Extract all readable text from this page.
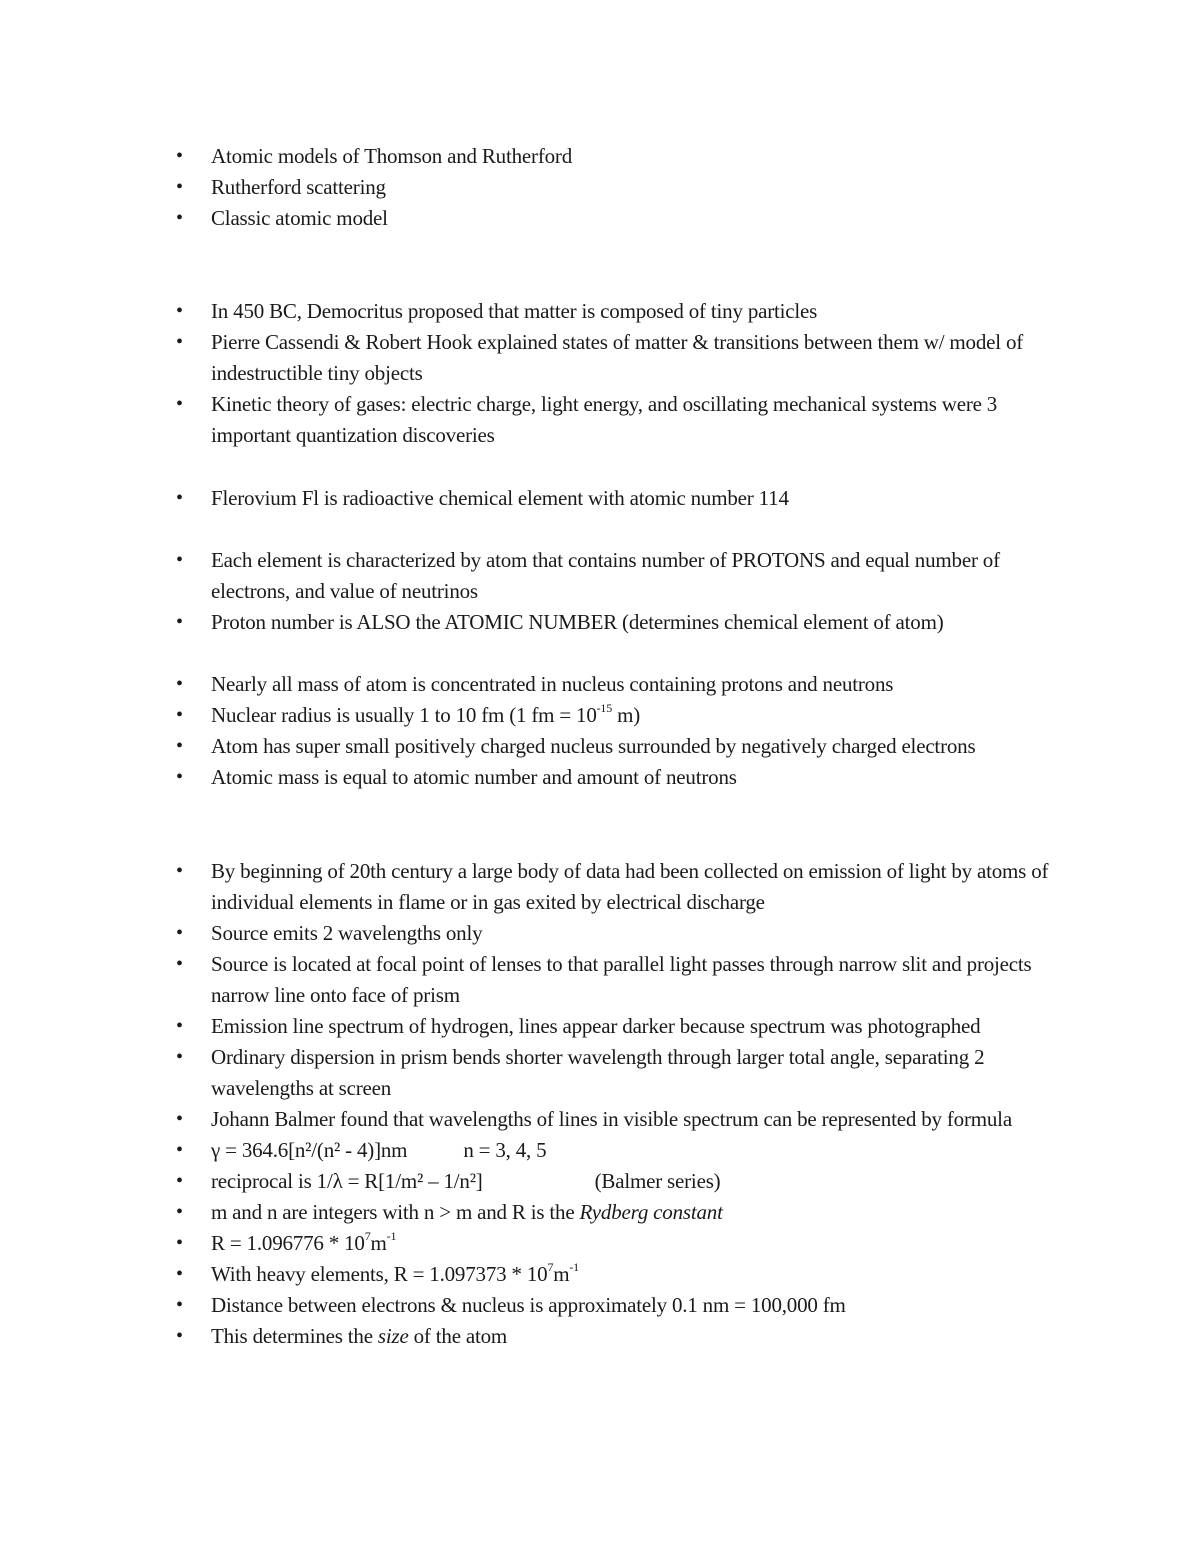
• Atomic models of Thomson and Rutherford
• Rutherford scattering
• Classic atomic model
• In 450 BC, Democritus proposed that matter is composed of tiny particles
• Pierre Cassendi & Robert Hook explained states of matter & transitions between them w/ model of indestructible tiny objects
• Kinetic theory of gases: electric charge, light energy, and oscillating mechanical systems were 3 important quantization discoveries
• Flerovium Fl is radioactive chemical element with atomic number 114
• Each element is characterized by atom that contains number of PROTONS and equal number of electrons, and value of neutrinos
• Proton number is ALSO the ATOMIC NUMBER (determines chemical element of atom)
• Nearly all mass of atom is concentrated in nucleus containing protons and neutrons
• Nuclear radius is usually 1 to 10 fm (1 fm = $10^{-15}$ m)
• Atom has super small positively charged nucleus surrounded by negatively charged electrons
• Atomic mass is equal to atomic number and amount of neutrons
• By beginning of 20th century a large body of data had been collected on emission of light by atoms of individual elements in flame or in gas exited by electrical discharge
• Source emits 2 wavelengths only
• Source is located at focal point of lenses to that parallel light passes through narrow slit and projects narrow line onto face of prism
• Emission line spectrum of hydrogen, lines appear darker because spectrum was photographed
• Ordinary dispersion in prism bends shorter wavelength through larger total angle, separating 2 wavelengths at screen
• Johann Balmer found that wavelengths of lines in visible spectrum can be represented by formula
• γ = 364.6[n²/(n² - 4)]nm	n = 3, 4, 5
• reciprocal is 1/λ = R[1/m² – 1/n²]	(Balmer series)
• m and n are integers with n > m and R is the Rydberg constant
• $R = 1.096776 * 10^7m^{-1}$
• With heavy elements, $R = 1.097373 * 10^7m^{-1}$
• Distance between electrons & nucleus is approximately 0.1 nm = 100,000 fm
• This determines the size of the atom
